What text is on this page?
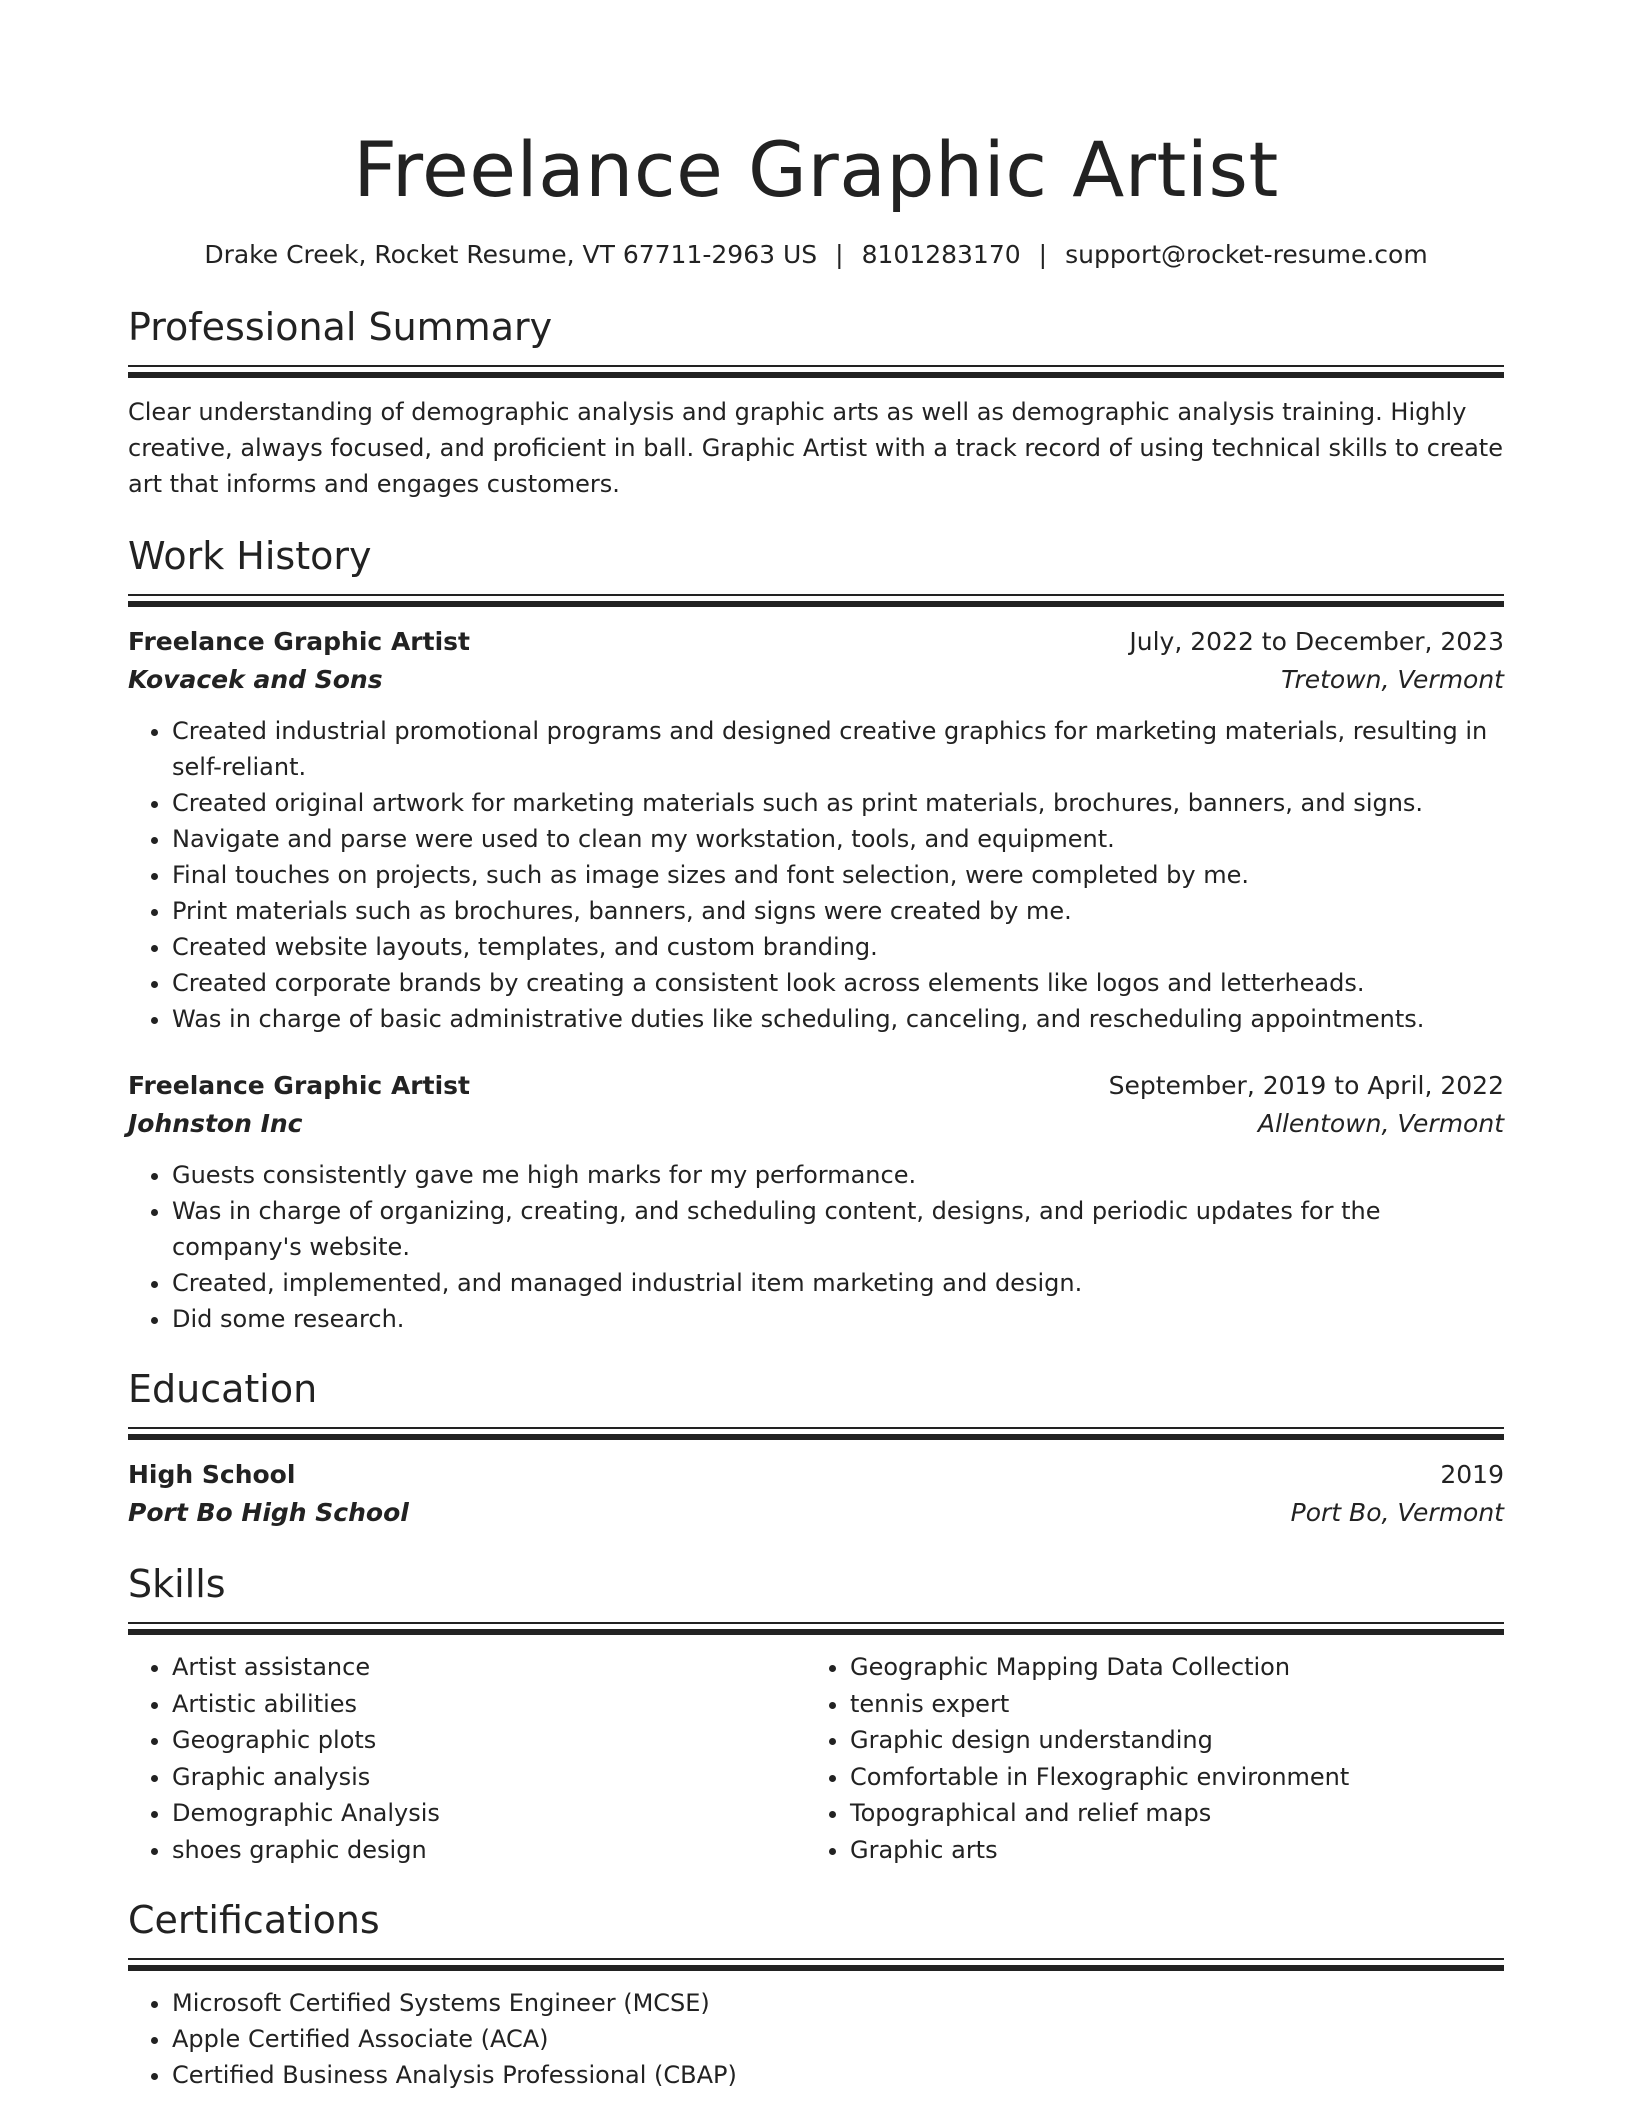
Freelance Graphic Artist
Drake Creek, Rocket Resume, VT 67711-2963 US | 8101283170 | support@rocket-resume.com
Professional Summary

Clear understanding of demographic analysis and graphic arts as well as demographic analysis training. Highly creative, always focused, and proficient in ball. Graphic Artist with a track record of using technical skills to create art that informs and engages customers.

Work History
Freelance Graphic Artist	July, 2022 to December, 2023
Kovacek and Sons	Tretown, Vermont
• Created industrial promotional programs and designed creative graphics for marketing materials, resulting in self-reliant.
• Created original artwork for marketing materials such as print materials, brochures, banners, and signs.
• Navigate and parse were used to clean my workstation, tools, and equipment.
• Final touches on projects, such as image sizes and font selection, were completed by me.
• Print materials such as brochures, banners, and signs were created by me.
• Created website layouts, templates, and custom branding.
• Created corporate brands by creating a consistent look across elements like logos and letterheads.
• Was in charge of basic administrative duties like scheduling, canceling, and rescheduling appointments.
Freelance Graphic Artist	September, 2019 to April, 2022
Johnston Inc	Allentown, Vermont
• Guests consistently gave me high marks for my performance.
• Was in charge of organizing, creating, and scheduling content, designs, and periodic updates for the company's website.
• Created, implemented, and managed industrial item marketing and design.
• Did some research.
Education
High School	2019
Port Bo High School	Port Bo, Vermont
Skills
• Artist assistance
• Artistic abilities
• Geographic plots
• Graphic analysis
• Demographic Analysis
• shoes graphic design
• Geographic Mapping Data Collection
• tennis expert
• Graphic design understanding
• Comfortable in Flexographic environment
• Topographical and relief maps
• Graphic arts
Certifications
• Microsoft Certified Systems Engineer (MCSE)
• Apple Certified Associate (ACA)
• Certified Business Analysis Professional (CBAP)
